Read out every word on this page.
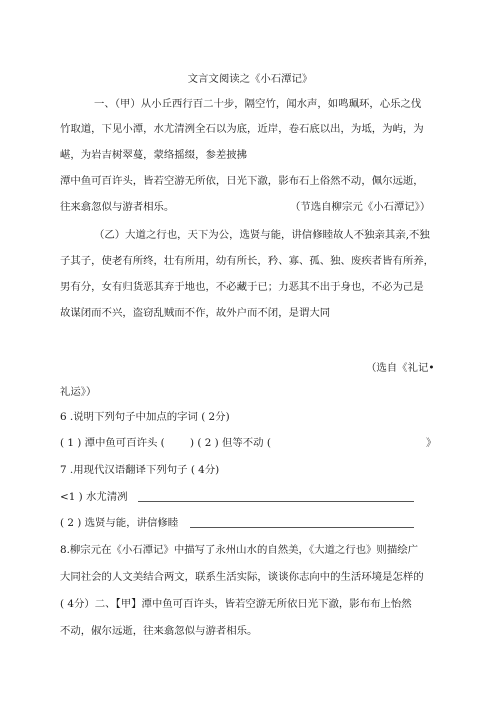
文言文阅读之《小石潭记》
一、（甲）从小丘西行百二十步，隔空竹，闻水声，如鸣珮环，心乐之伐
竹取道，下见小潭，水尤清洌全石以为底，近岸，卷石底以出，为坻，为屿，为
嵁，为岩吉树翠蔓，蒙络摇缀，参差披拂
潭中鱼可百许头，皆若空游无所依，日光下澈，影布石上俗然不动，佩尔远逝，
往来翕忽似与游者相乐。	（节选自柳宗元《小石潭记》）
（乙）大道之行也，天下为公，选贤与能，讲信修睦故人不独亲其亲,不独
子其子，使老有所终，壮有所用，幼有所长，矜、寡、孤、独、废疾者皆有所养，
男有分，女有归货恶其弃于地也，不必藏于已；力恶其不出于身也，不必为己是
故谋闭而不兴，盗窃乱贼而不作，故外户而不闭，是谓大同
（选自《礼记•
礼运》）
6 .说明下列句子中加点的字词 ( 2分)
( 1 ) 潭中鱼可百许头 ( ) ( 2 ) 但等不动 (	》
7 .用现代汉语翻译下列句子 ( 4分)
<1 ) 水尤清冽
( 2 ) 选贤与能，讲信修睦
8.柳宗元在《小石潭记》中描写了永州山水的自然美，《大道之行也》则描绘广
大同社会的人文美结合两文，联系生活实际，谈谈你志向中的生活环境是怎样的
( 4分）二、【甲】潭中鱼可百许头，皆若空游无所依日光下澈，影布布上怡然
不动，俶尔远逝，往来翕忽似与游者相乐。
